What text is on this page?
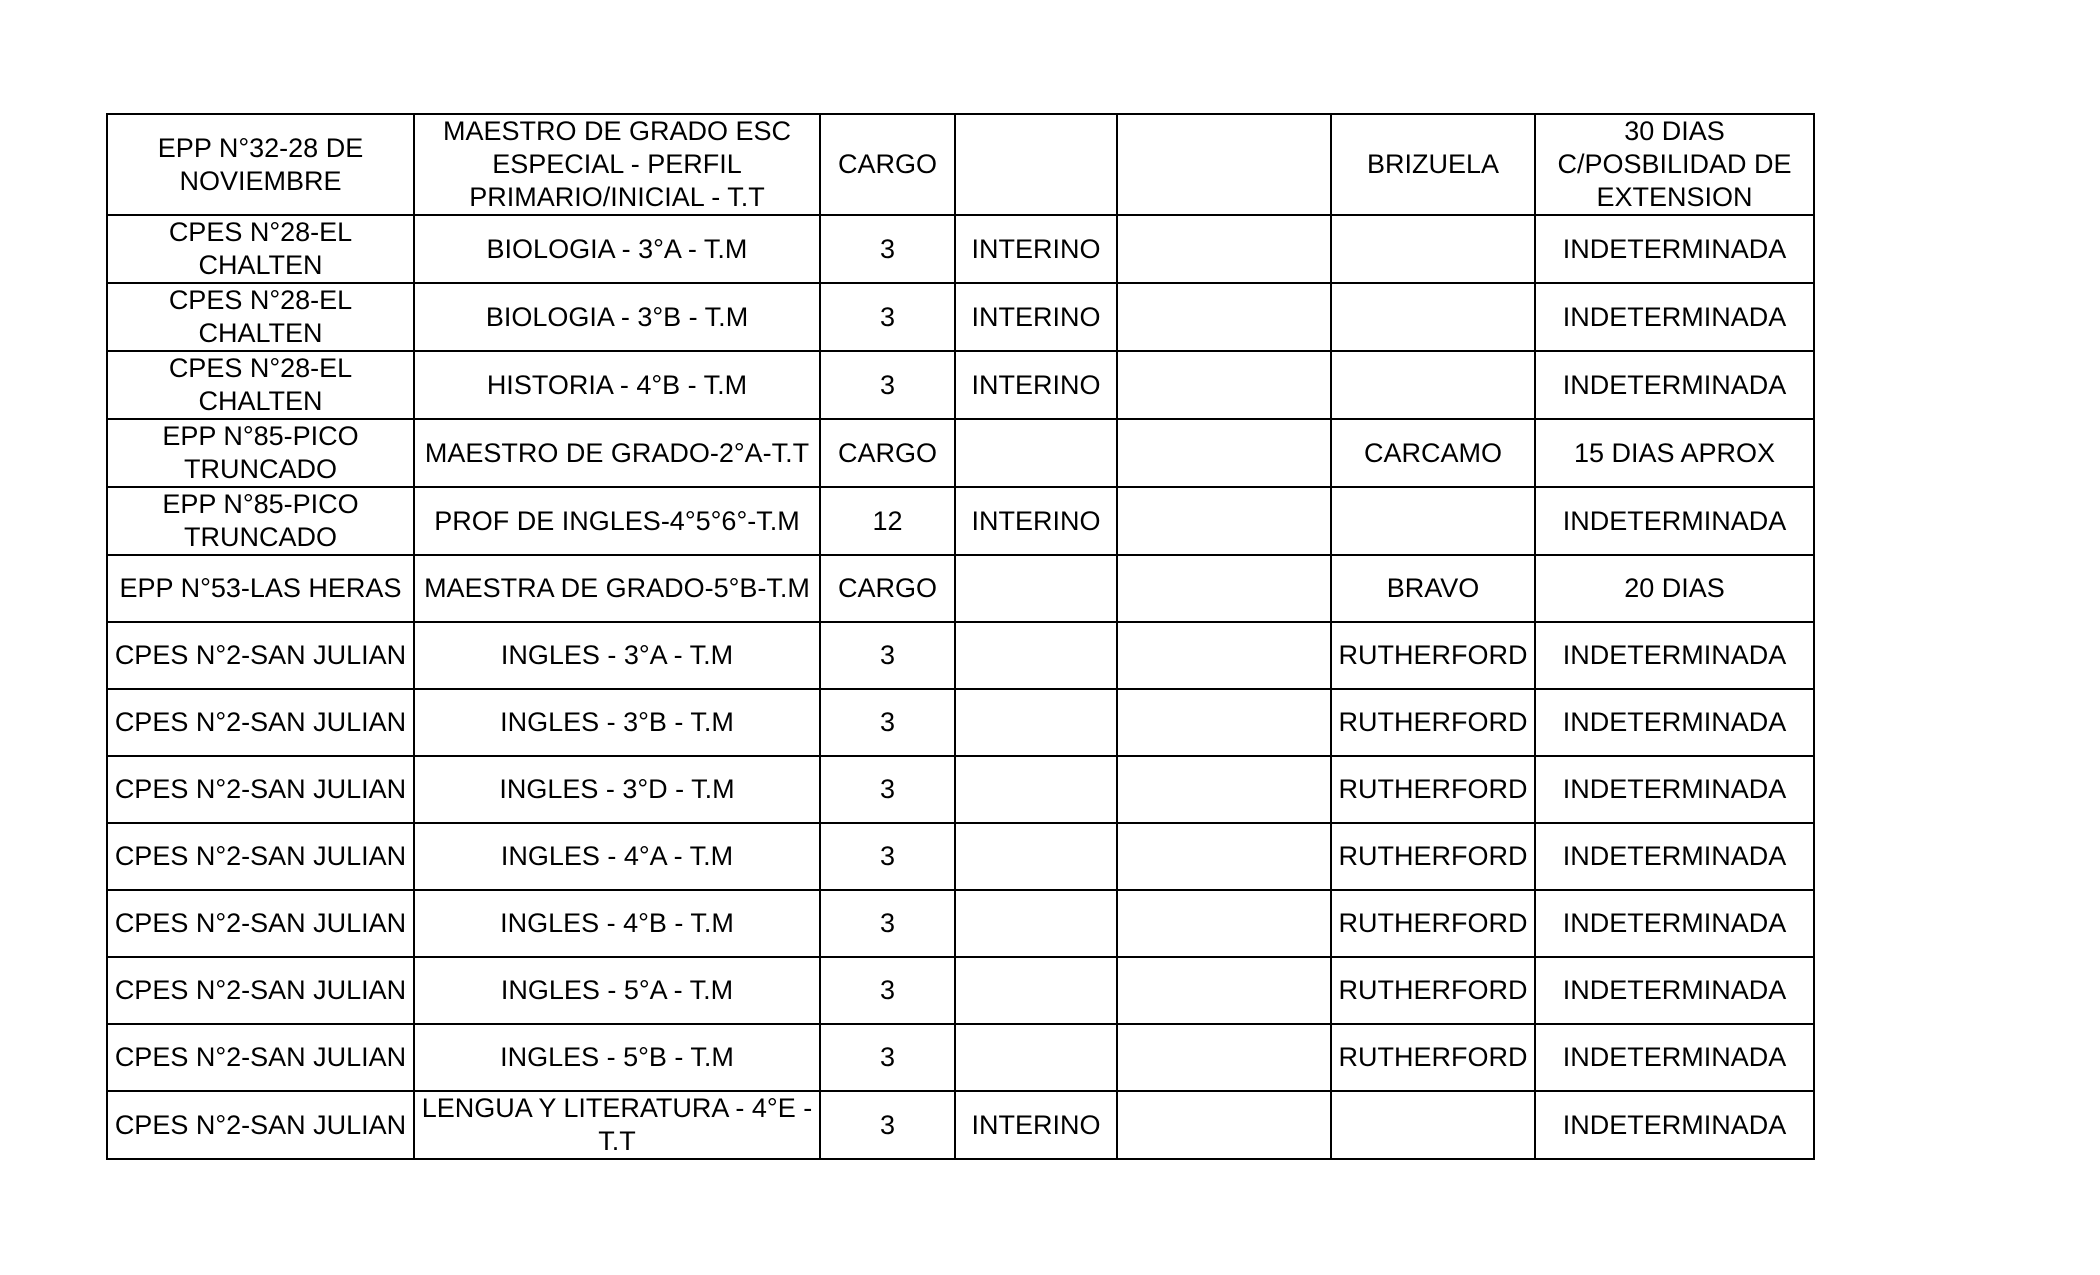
EPP N°32-28 DE NOVIEMBRE	MAESTRO DE GRADO ESC ESPECIAL - PERFIL PRIMARIO/INICIAL - T.T	CARGO			BRIZUELA	30 DIAS C/POSBILIDAD DE EXTENSION
CPES N°28-EL CHALTEN	BIOLOGIA - 3°A - T.M	3	INTERINO			INDETERMINADA
CPES N°28-EL CHALTEN	BIOLOGIA - 3°B - T.M	3	INTERINO			INDETERMINADA
CPES N°28-EL CHALTEN	HISTORIA - 4°B - T.M	3	INTERINO			INDETERMINADA
EPP N°85-PICO TRUNCADO	MAESTRO DE GRADO-2°A-T.T	CARGO			CARCAMO	15 DIAS APROX
EPP N°85-PICO TRUNCADO	PROF DE INGLES-4°5°6°-T.M	12	INTERINO			INDETERMINADA
EPP N°53-LAS HERAS	MAESTRA DE GRADO-5°B-T.M	CARGO			BRAVO	20 DIAS
CPES N°2-SAN JULIAN	INGLES - 3°A - T.M	3			RUTHERFORD	INDETERMINADA
CPES N°2-SAN JULIAN	INGLES - 3°B - T.M	3			RUTHERFORD	INDETERMINADA
CPES N°2-SAN JULIAN	INGLES - 3°D - T.M	3			RUTHERFORD	INDETERMINADA
CPES N°2-SAN JULIAN	INGLES - 4°A - T.M	3			RUTHERFORD	INDETERMINADA
CPES N°2-SAN JULIAN	INGLES - 4°B - T.M	3			RUTHERFORD	INDETERMINADA
CPES N°2-SAN JULIAN	INGLES - 5°A - T.M	3			RUTHERFORD	INDETERMINADA
CPES N°2-SAN JULIAN	INGLES - 5°B - T.M	3			RUTHERFORD	INDETERMINADA
CPES N°2-SAN JULIAN	LENGUA Y LITERATURA - 4°E - T.T	3	INTERINO			INDETERMINADA
